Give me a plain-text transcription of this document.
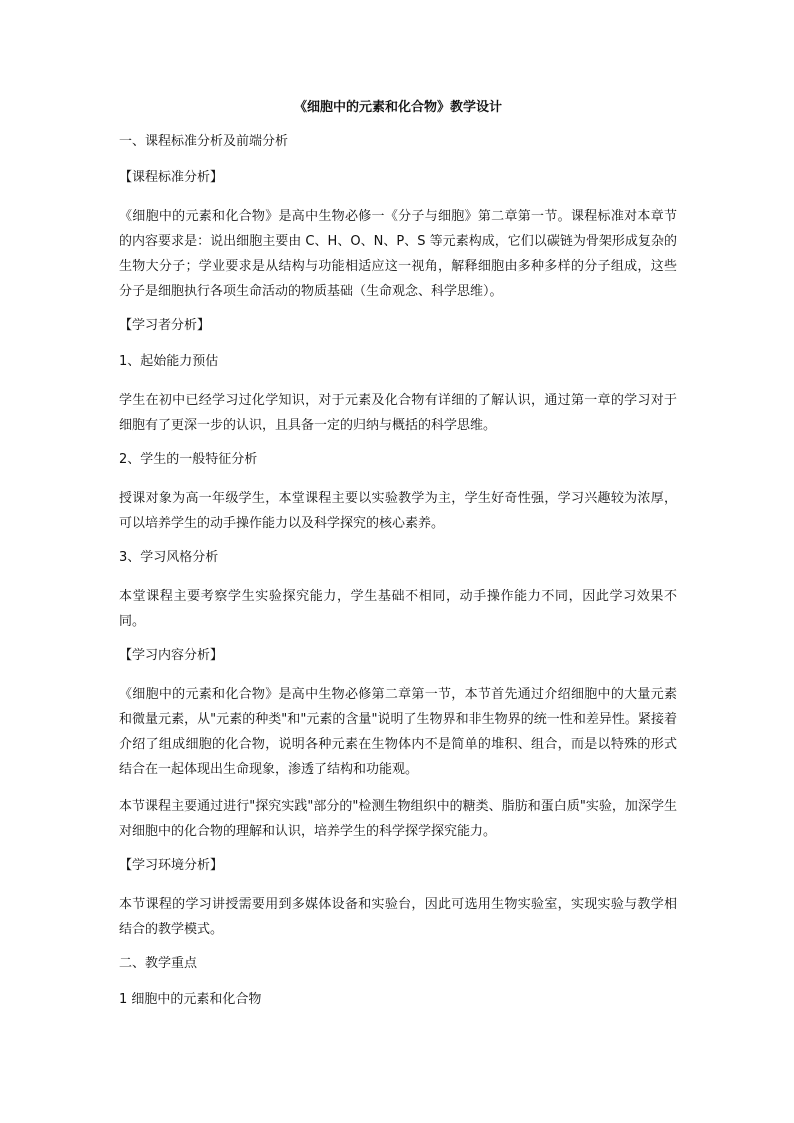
《细胞中的元素和化合物》教学设计
一、课程标准分析及前端分析
【课程标准分析】
《细胞中的元素和化合物》是高中生物必修一《分子与细胞》第二章第一节。课程标准对本章节的内容要求是：说出细胞主要由 C、H、O、N、P、S 等元素构成，它们以碳链为骨架形成复杂的生物大分子；学业要求是从结构与功能相适应这一视角，解释细胞由多种多样的分子组成，这些分子是细胞执行各项生命活动的物质基础（生命观念、科学思维）。
【学习者分析】
1、起始能力预估
学生在初中已经学习过化学知识，对于元素及化合物有详细的了解认识，通过第一章的学习对于细胞有了更深一步的认识，且具备一定的归纳与概括的科学思维。
2、学生的一般特征分析
授课对象为高一年级学生，本堂课程主要以实验教学为主，学生好奇性强，学习兴趣较为浓厚，可以培养学生的动手操作能力以及科学探究的核心素养。
3、学习风格分析
本堂课程主要考察学生实验探究能力，学生基础不相同，动手操作能力不同，因此学习效果不同。
【学习内容分析】
《细胞中的元素和化合物》是高中生物必修第二章第一节，本节首先通过介绍细胞中的大量元素和微量元素，从"元素的种类"和"元素的含量"说明了生物界和非生物界的统一性和差异性。紧接着介绍了组成细胞的化合物，说明各种元素在生物体内不是简单的堆积、组合，而是以特殊的形式结合在一起体现出生命现象，渗透了结构和功能观。
本节课程主要通过进行"探究实践"部分的"检测生物组织中的糖类、脂肪和蛋白质"实验，加深学生对细胞中的化合物的理解和认识，培养学生的科学探学探究能力。
【学习环境分析】
本节课程的学习讲授需要用到多媒体设备和实验台，因此可选用生物实验室，实现实验与教学相结合的教学模式。
二、教学重点
1 细胞中的元素和化合物
